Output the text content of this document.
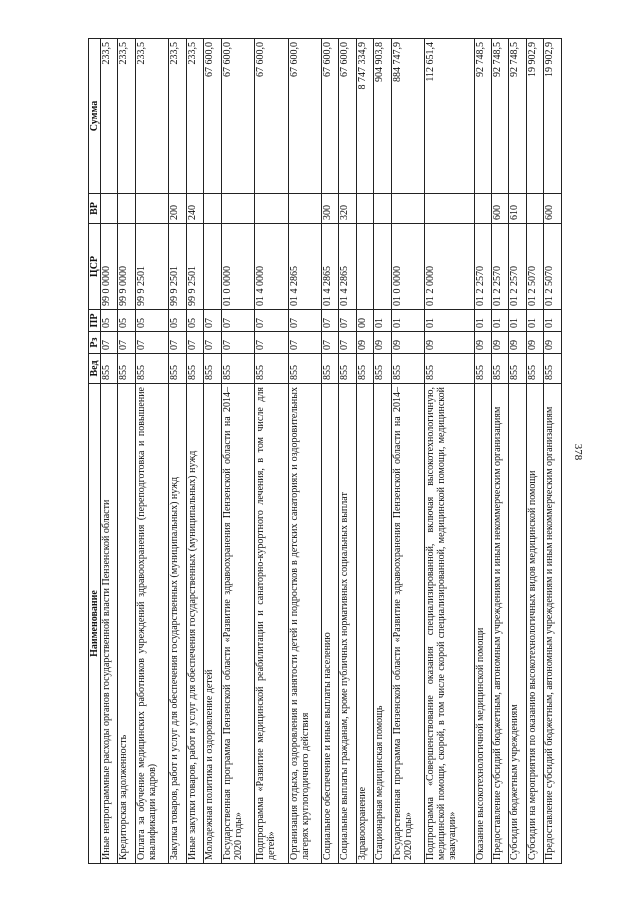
378
Наименование	Вед	Рз	ПР	ЦСР	ВР	Сумма
Иные непрограммные расходы органов государственной власти Пензенской области	855	07	05	99 0 0000		233,5
Кредиторская задолженность	855	07	05	99 9 0000		233,5
Оплата за обучение медицинских работников учреждений здравоохранения (переподготовка и повышение квалификации кадров)	855	07	05	99 9 2501		233,5
Закупка товаров, работ и услуг для обеспечения государственных (муниципальных) нужд	855	07	05	99 9 2501	200	233,5
Иные закупки товаров, работ и услуг для обеспечения государственных (муниципальных) нужд	855	07	05	99 9 2501	240	233,5
Молодежная политика и оздоровление детей	855	07	07			67 600,0
Государственная программа Пензенской области «Развитие здравоохранения Пензенской области на 2014–2020 годы»	855	07	07	01 0 0000		67 600,0
Подпрограмма «Развитие медицинской реабилитации и санаторно-курортного лечения, в том числе для детей»	855	07	07	01 4 0000		67 600,0
Организация отдыха, оздоровления и занятости детей и подростков в детских санаториях и оздоровительных лагерях круглогодичного действия	855	07	07	01 4 2865		67 600,0
Социальное обеспечение и иные выплаты населению	855	07	07	01 4 2865	300	67 600,0
Социальные выплаты гражданам, кроме публичных нормативных социальных выплат	855	07	07	01 4 2865	320	67 600,0
Здравоохранение	855	09	00			8 747 334,9
Стационарная медицинская помощь	855	09	01			904 903,8
Государственная программа Пензенской области «Развитие здравоохранения Пензенской области на 2014–2020 годы»	855	09	01	01 0 0000		884 747,9
Подпрограмма «Совершенствование оказания специализированной, включая высокотехнологичную, медицинской помощи, скорой, в том числе скорой специализированной, медицинской помощи, медицинской эвакуации»	855	09	01	01 2 0000		112 651,4
Оказание высокотехнологичной медицинской помощи	855	09	01	01 2 2570		92 748,5
Предоставление субсидий бюджетным, автономным учреждениям и иным некоммерческим организациям	855	09	01	01 2 2570	600	92 748,5
Субсидии бюджетным учреждениям	855	09	01	01 2 2570	610	92 748,5
Субсидии на мероприятия по оказанию высокотехнологичных видов медицинской помощи	855	09	01	01 2 5070		19 902,9
Предоставление субсидий бюджетным, автономным учреждениям и иным некоммерческим организациям	855	09	01	01 2 5070	600	19 902,9
